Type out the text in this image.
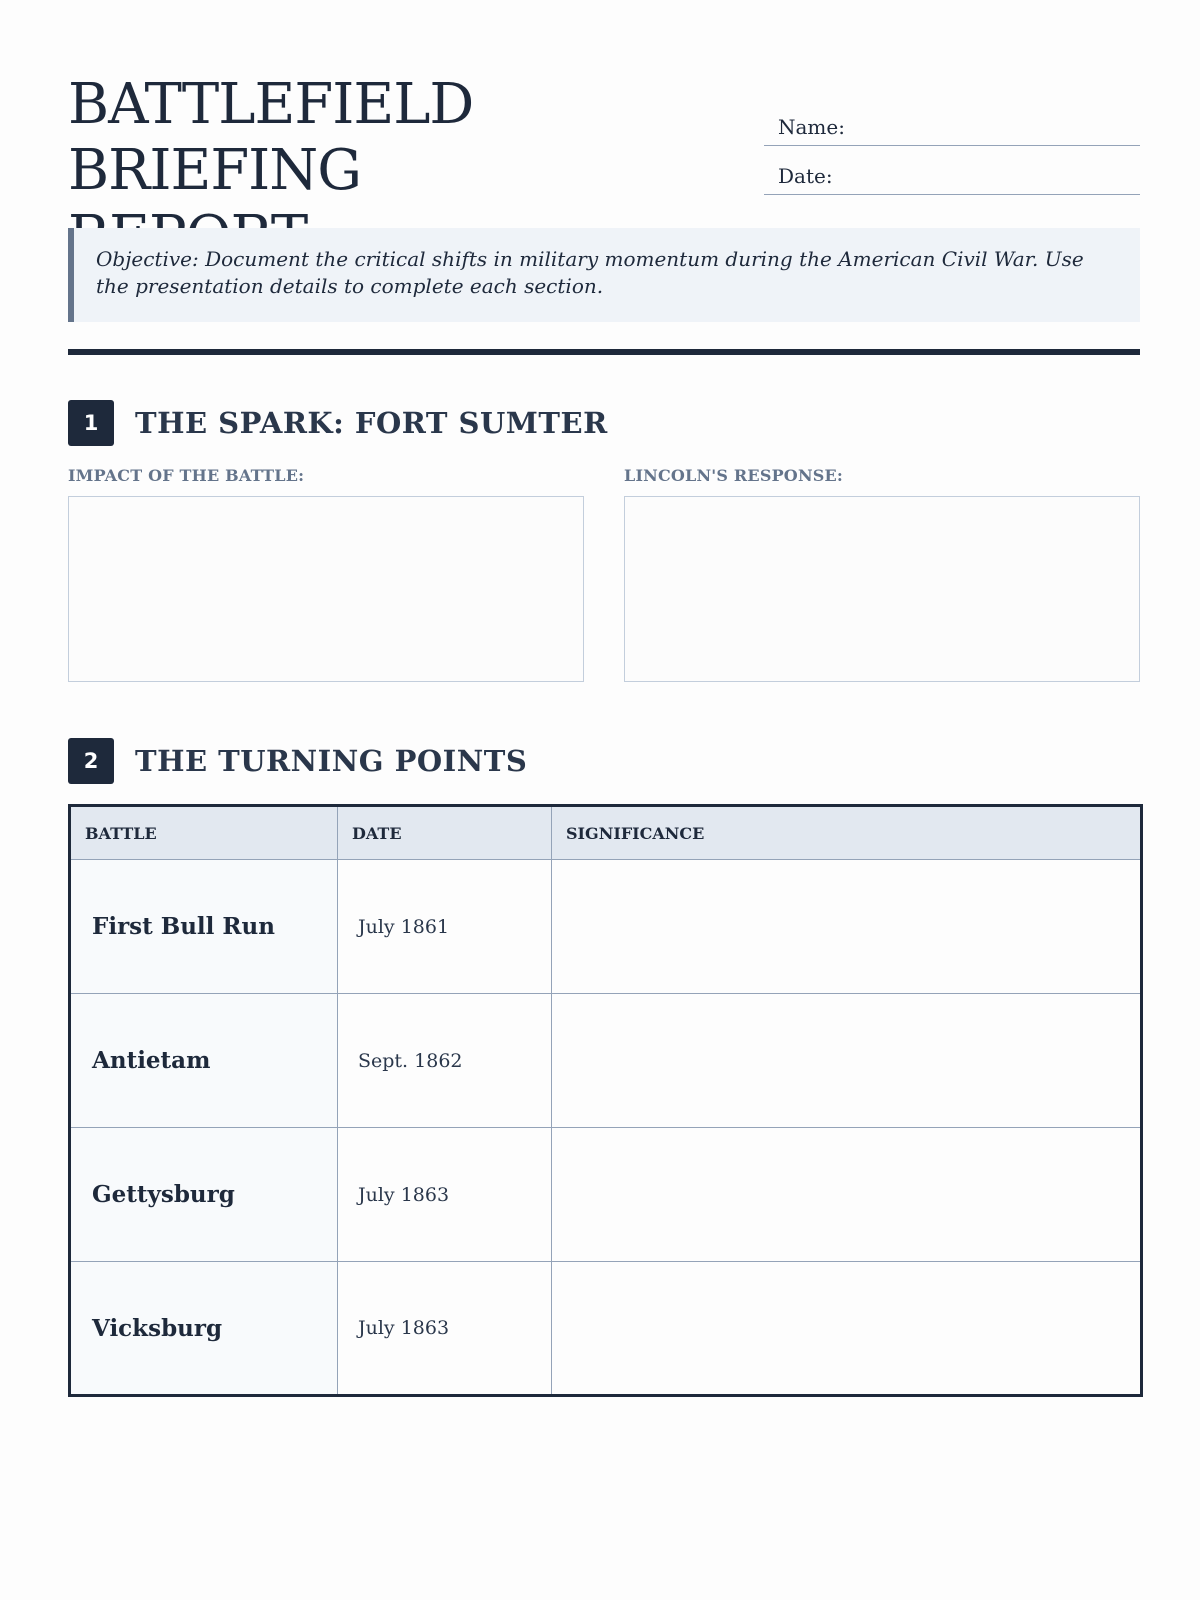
BATTLEFIELD BRIEFING

Name:
Date:
Objective: Document the critical shifts in military momentum during the American Civil War. Use the presentation details to complete each section.
1	THE SPARK: FORT SUMTER
IMPACT OF THE BATTLE:	LINCOLN'S RESPONSE:
2	THE TURNING POINTS
BATTLE	DATE	SIGNIFICANCE
First Bull Run	July 1861	
Antietam	Sept. 1862	
Gettysburg	July 1863	
Vicksburg	July 1863	
